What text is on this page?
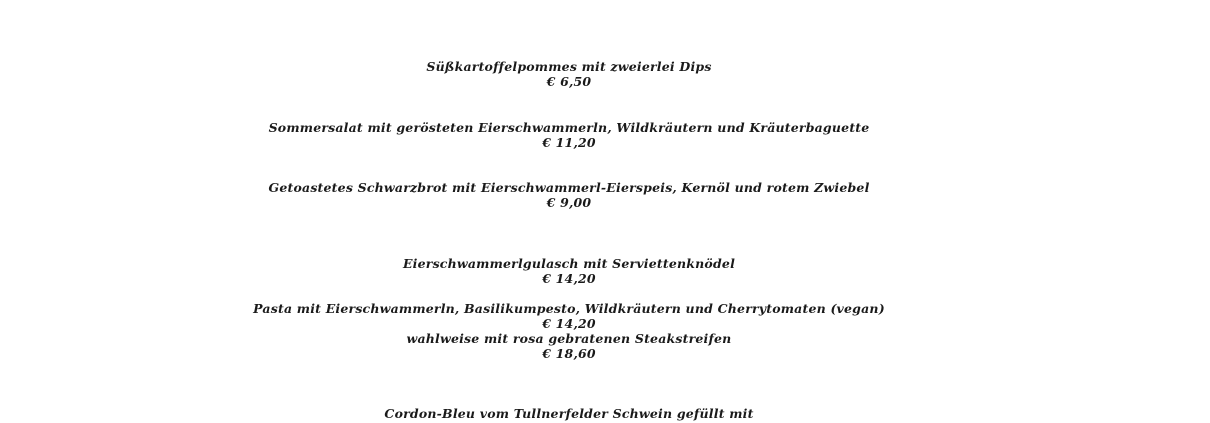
Süßkartoffelpommes mit zweierlei Dips
€ 6,50
Sommersalat mit gerösteten Eierschwammerln, Wildkräutern und Kräuterbaguette
€ 11,20
Getoastetes Schwarzbrot mit Eierschwammerl-Eierspeis, Kernöl und rotem Zwiebel
€ 9,00
Eierschwammerlgulasch mit Serviettenknödel
€ 14,20
Pasta mit Eierschwammerln, Basilikumpesto, Wildkräutern und Cherrytomaten (vegan)
€ 14,20
wahlweise mit rosa gebratenen Steakstreifen
€ 18,60
Cordon-Bleu vom Tullnerfelder Schwein gefüllt mit
